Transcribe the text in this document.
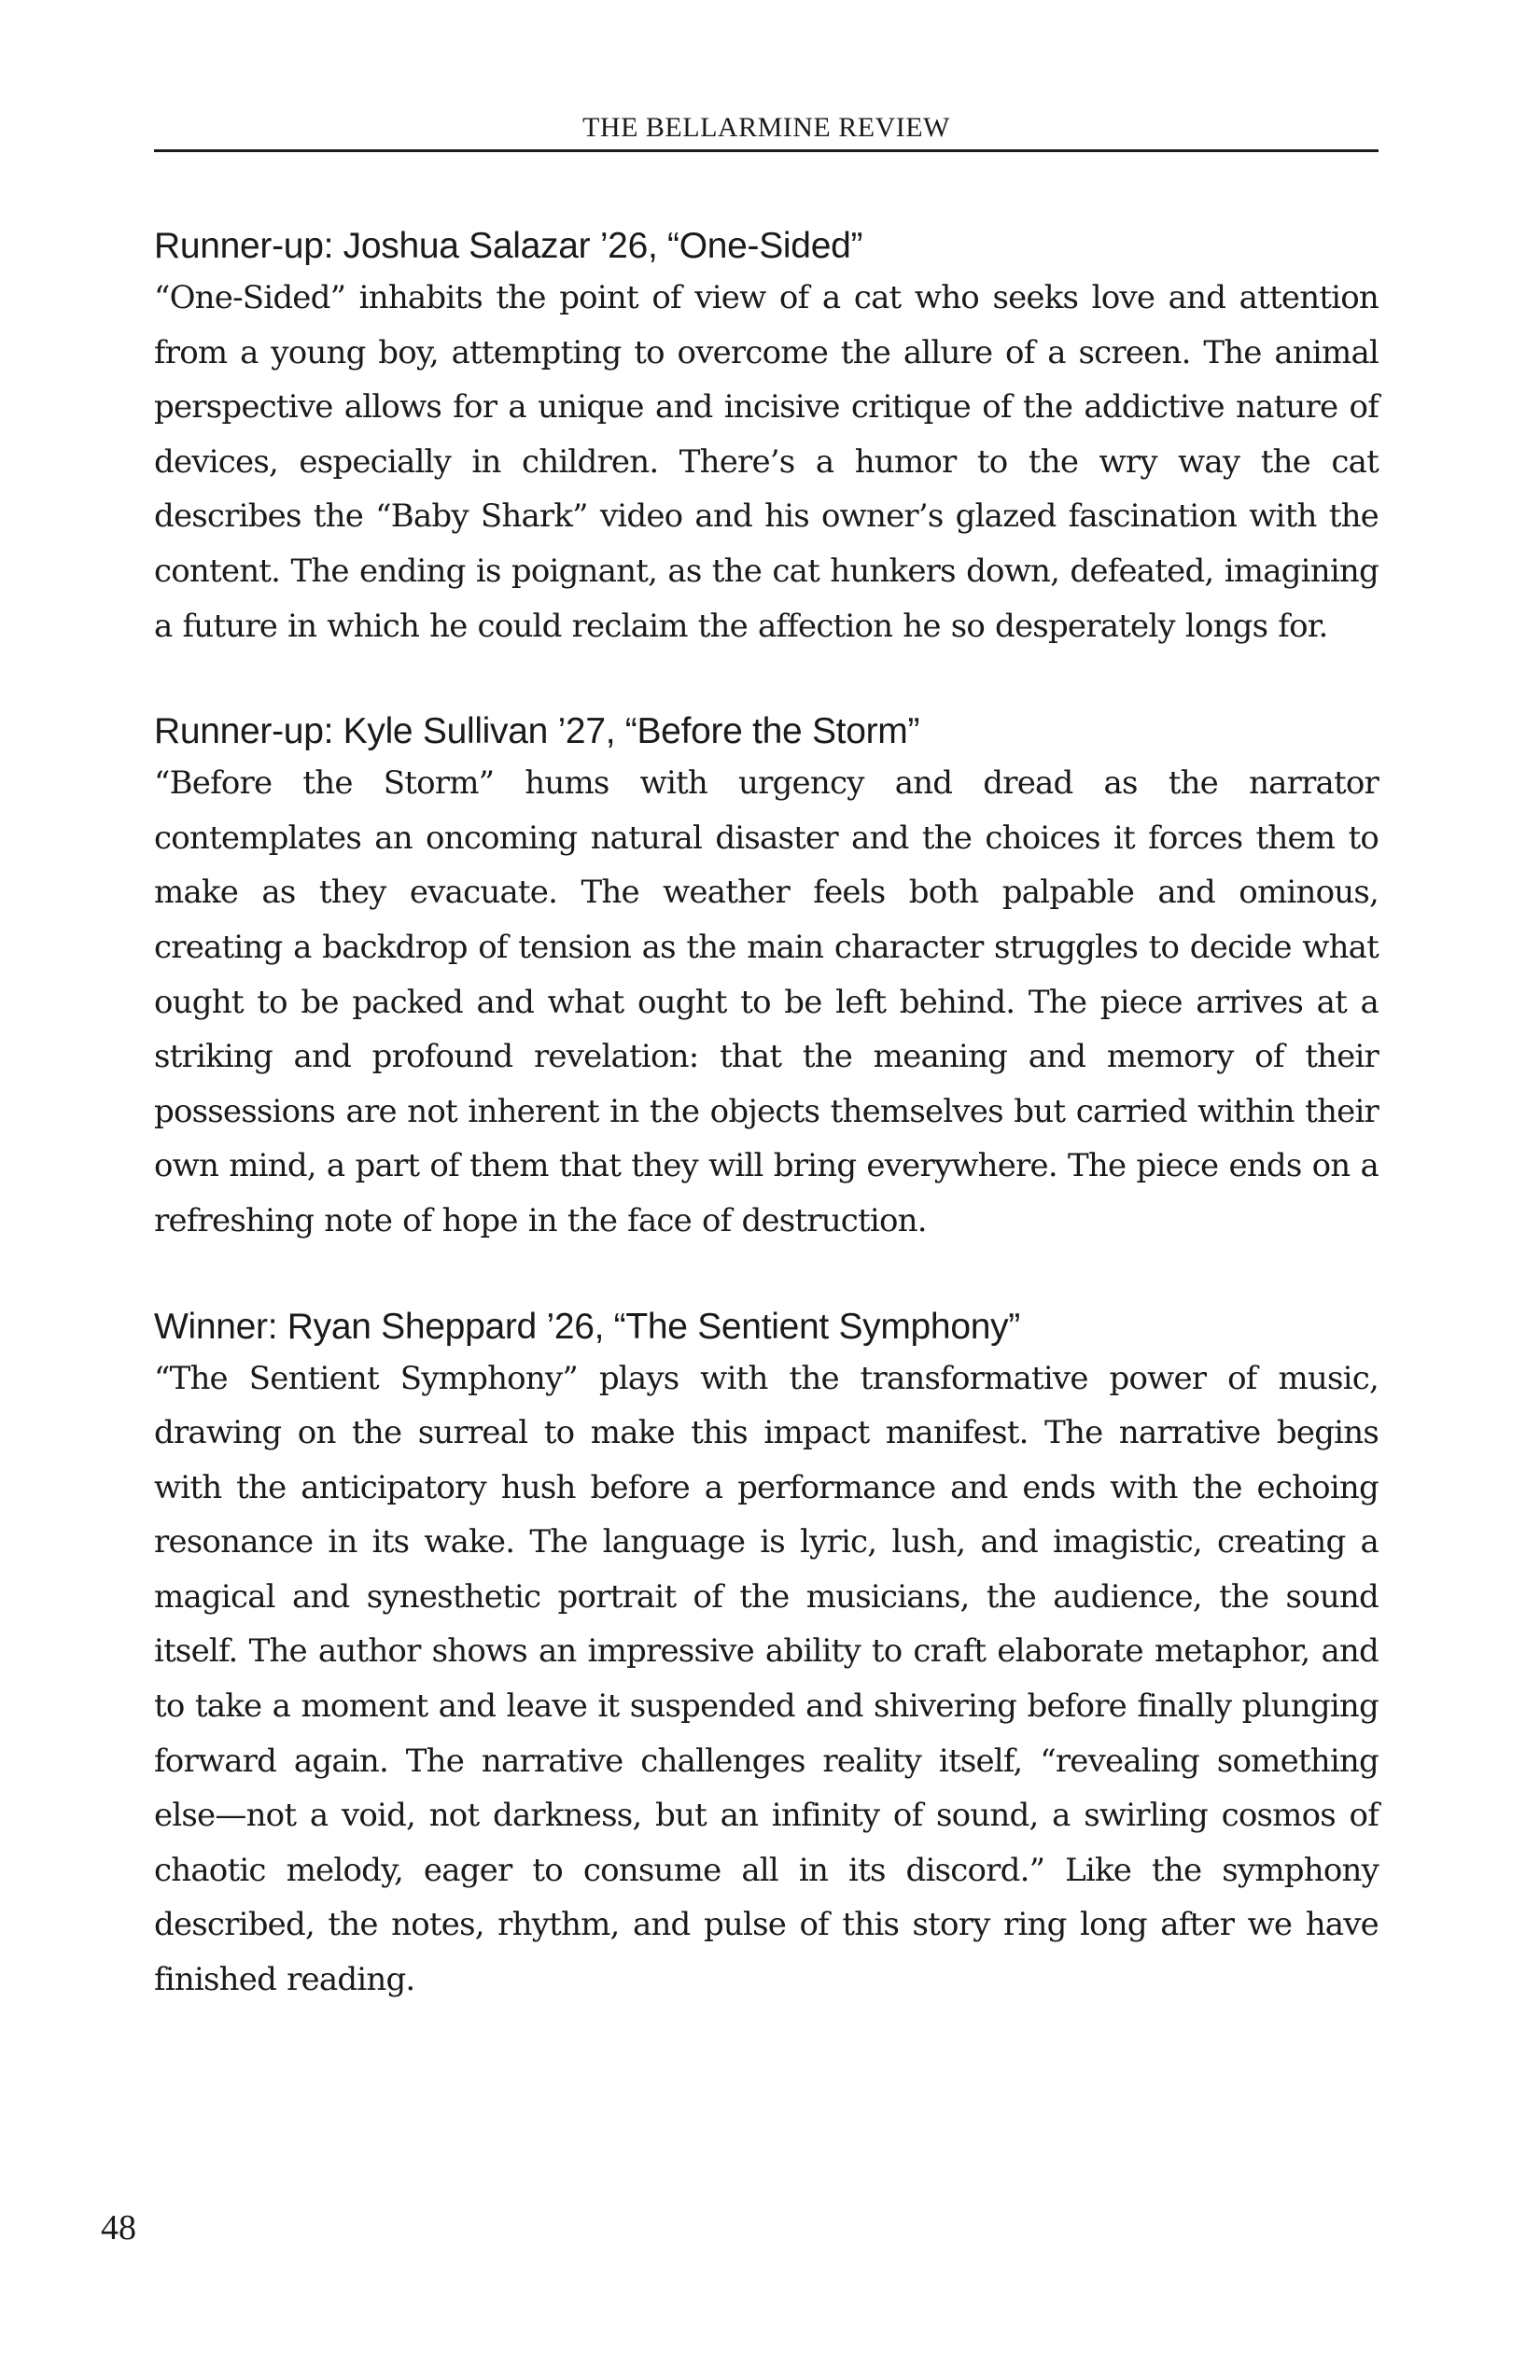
THE BELLARMINE REVIEW
Runner-up: Joshua Salazar ’26, “One-Sided”

“One-Sided” inhabits the point of view of a cat who seeks love and attention from a young boy, attempting to overcome the allure of a screen. The animal perspective allows for a unique and incisive critique of the addictive nature of devices, especially in children. There’s a humor to the wry way the cat describes the “Baby Shark” video and his owner’s glazed fascination with the content. The ending is poignant, as the cat hunkers down, defeated, imagining a future in which he could reclaim the affection he so desperately longs for.

Runner-up: Kyle Sullivan ’27, “Before the Storm”

“Before the Storm” hums with urgency and dread as the narrator contemplates an oncoming natural disaster and the choices it forces them to make as they evacuate. The weather feels both palpable and ominous, creating a backdrop of tension as the main character struggles to decide what ought to be packed and what ought to be left behind. The piece arrives at a striking and profound revelation: that the meaning and memory of their possessions are not inherent in the objects themselves but carried within their own mind, a part of them that they will bring everywhere. The piece ends on a refreshing note of hope in the face of destruction.

Winner: Ryan Sheppard ’26, “The Sentient Symphony”

“The Sentient Symphony” plays with the transformative power of music, drawing on the surreal to make this impact manifest. The narrative begins with the anticipatory hush before a performance and ends with the echoing resonance in its wake. The language is lyric, lush, and imagistic, creating a magical and synesthetic portrait of the musicians, the audience, the sound itself. The author shows an impressive ability to craft elaborate metaphor, and to take a moment and leave it suspended and shivering before finally plunging forward again. The narrative challenges reality itself, “revealing something else—not a void, not darkness, but an infinity of sound, a swirling cosmos of chaotic melody, eager to consume all in its discord.” Like the symphony described, the notes, rhythm, and pulse of this story ring long after we have finished reading.

48
